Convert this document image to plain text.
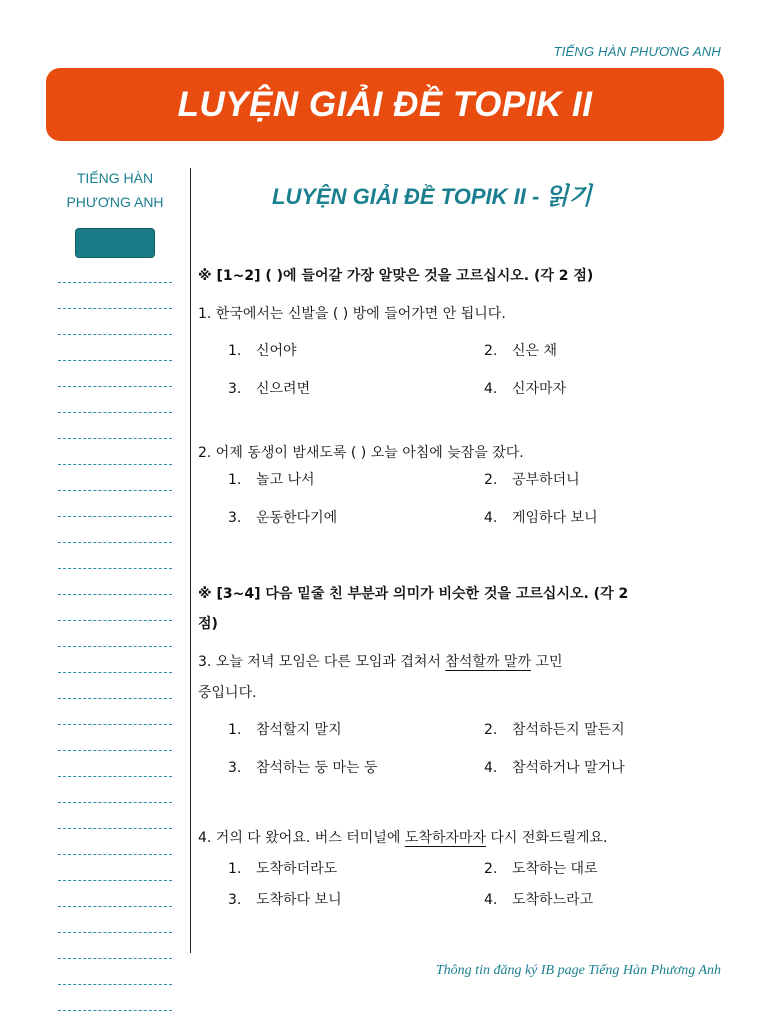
TIẾNG HÀN PHƯƠNG ANH
LUYỆN GIẢI ĐỀ TOPIK II
TIẾNG HÀN
PHƯƠNG ANH	LUYỆN GIẢI ĐỀ TOPIK II - 읽기
※ [1~2] ( )에 들어갈 가장 알맞은 것을 고르십시오. (각 2 점)
1. 한국에서는 신발을 ( ) 방에 들어가면 안 됩니다.
1. 신어야	2. 신은 채
3. 신으려면	4. 신자마자
2. 어제 동생이 밤새도록 ( ) 오늘 아침에 늦잠을 잤다.
1. 놀고 나서	2. 공부하더니
3. 운동한다기에	4. 게임하다 보니
※ [3~4] 다음 밑줄 친 부분과 의미가 비슷한 것을 고르십시오. (각 2
점)
3. 오늘 저녁 모임은 다른 모임과 겹쳐서 참석할까 말까 고민
중입니다.
1. 참석할지 말지	2. 참석하든지 말든지
3. 참석하는 둥 마는 둥	4. 참석하거나 말거나
4. 거의 다 왔어요. 버스 터미널에 도착하자마자 다시 전화드릴게요.
1. 도착하더라도	2. 도착하는 대로
3. 도착하다 보니	4. 도착하느라고
Thông tin đăng ký IB page Tiếng Hàn Phương Anh
